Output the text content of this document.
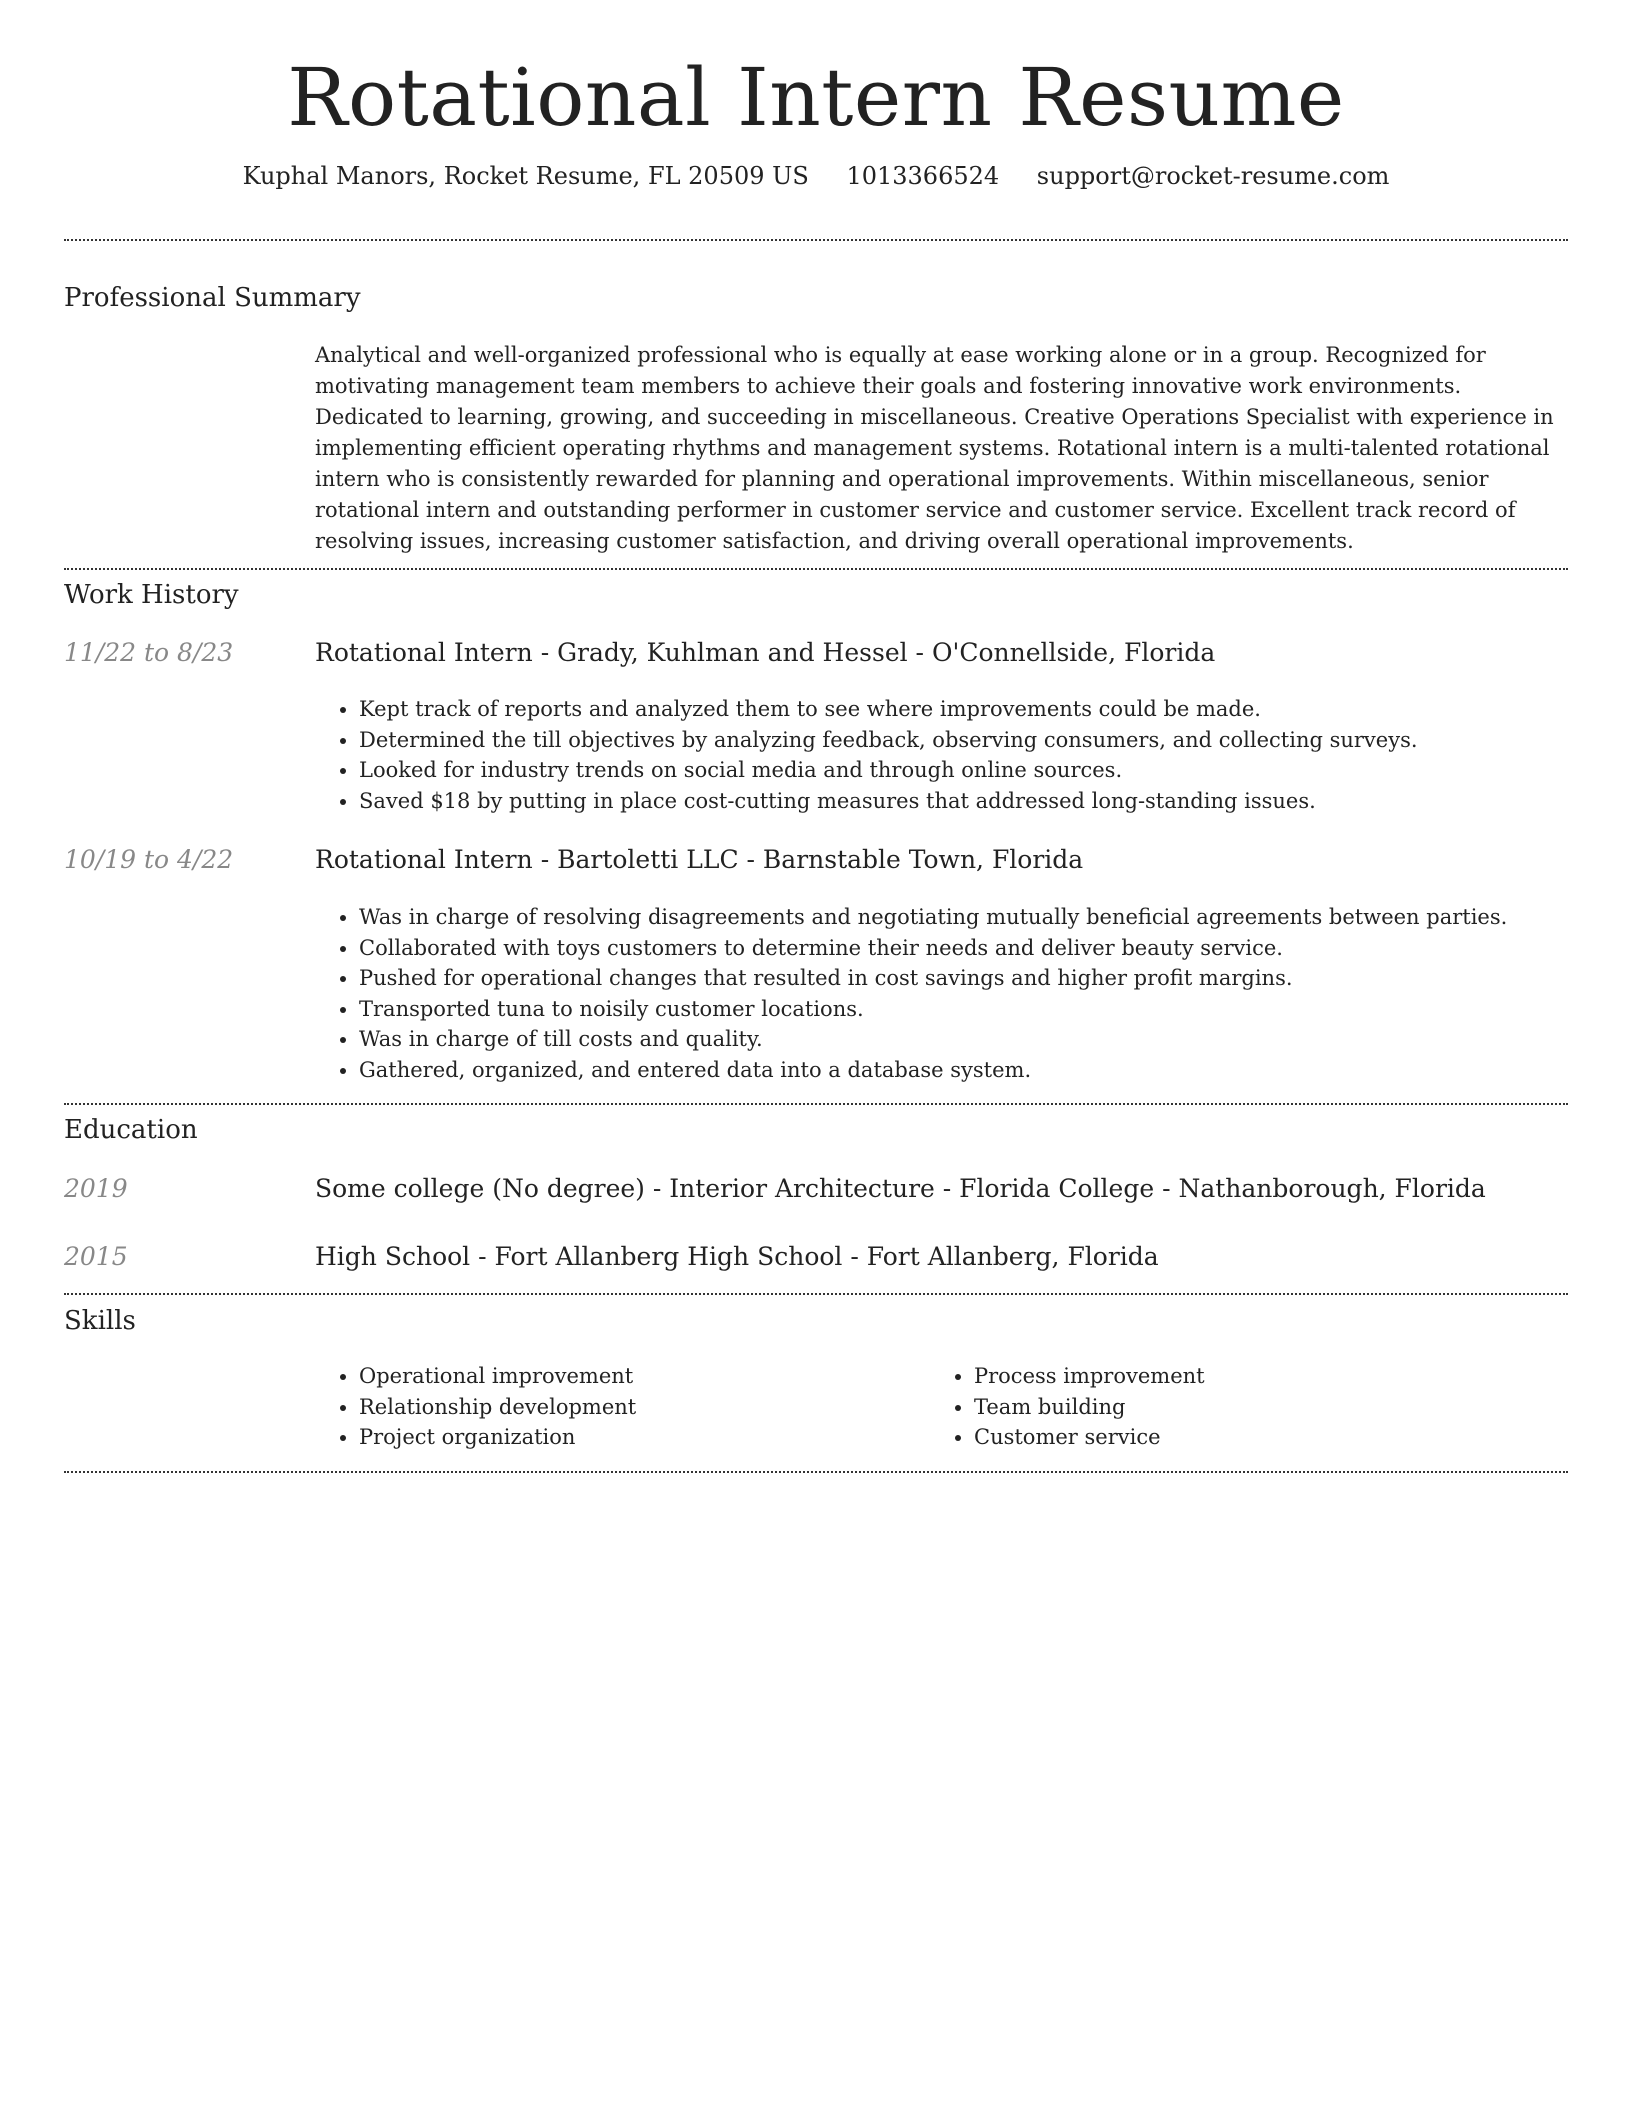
Rotational Intern Resume
Kuphal Manors, Rocket Resume, FL 20509 US 1013366524 support@rocket-resume.com
Professional Summary

Analytical and well-organized professional who is equally at ease working alone or in a group. Recognized for motivating management team members to achieve their goals and fostering innovative work environments. Dedicated to learning, growing, and succeeding in miscellaneous. Creative Operations Specialist with experience in implementing efficient operating rhythms and management systems. Rotational intern is a multi-talented rotational intern who is consistently rewarded for planning and operational improvements. Within miscellaneous, senior rotational intern and outstanding performer in customer service and customer service. Excellent track record of resolving issues, increasing customer satisfaction, and driving overall operational improvements.

Work History
11/22 to 8/23	Rotational Intern - Grady, Kuhlman and Hessel - O'Connellside, Florida
• Kept track of reports and analyzed them to see where improvements could be made.
• Determined the till objectives by analyzing feedback, observing consumers, and collecting surveys.
• Looked for industry trends on social media and through online sources.
• Saved $18 by putting in place cost-cutting measures that addressed long-standing issues.
10/19 to 4/22	Rotational Intern - Bartoletti LLC - Barnstable Town, Florida
• Was in charge of resolving disagreements and negotiating mutually beneficial agreements between parties.
• Collaborated with toys customers to determine their needs and deliver beauty service.
• Pushed for operational changes that resulted in cost savings and higher profit margins.
• Transported tuna to noisily customer locations.
• Was in charge of till costs and quality.
• Gathered, organized, and entered data into a database system.
Education
2019	Some college (No degree) - Interior Architecture - Florida College - Nathanborough, Florida
2015	High School - Fort Allanberg High School - Fort Allanberg, Florida
Skills
• Operational improvement
• Relationship development
• Project organization
• Process improvement
• Team building
• Customer service
